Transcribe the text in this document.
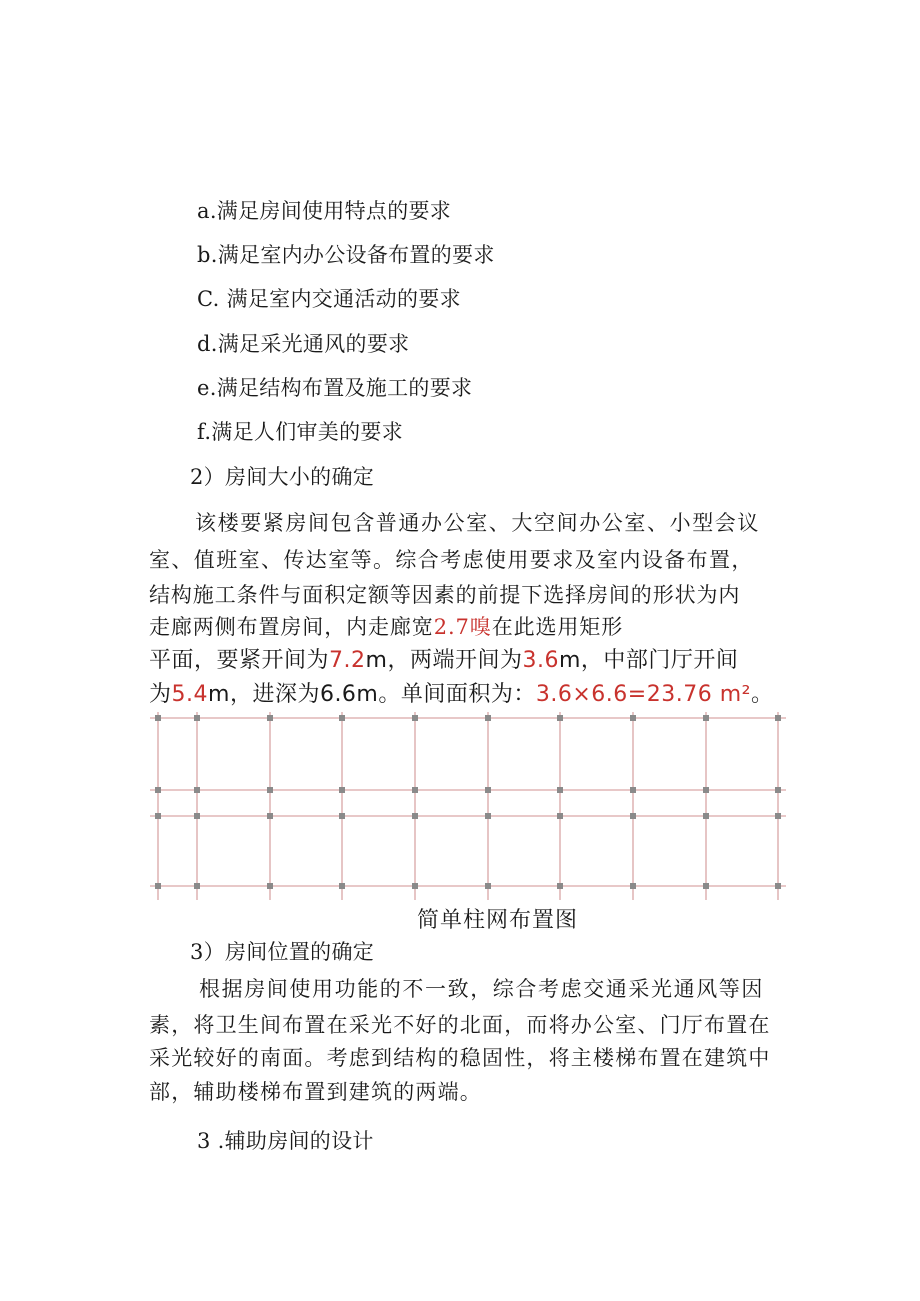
a.满足房间使用特点的要求
b.满足室内办公设备布置的要求
C. 满足室内交通活动的要求
d.满足采光通风的要求
e.满足结构布置及施工的要求
f.满足人们审美的要求
2）房间大小的确定
该楼要紧房间包含普通办公室、大空间办公室、小型会议
室、值班室、传达室等。综合考虑使用要求及室内设备布置，
结构施工条件与面积定额等因素的前提下选择房间的形状为内
走廊两侧布置房间，内走廊宽2.7嗅在此选用矩形
平面，要紧开间为7.2m，两端开间为3.6m，中部门厅开间
为5.4m，进深为6.6m。单间面积为：3.6×6.6=23.76 m²。
简单柱网布置图
3）房间位置的确定
根据房间使用功能的不一致，综合考虑交通采光通风等因
素，将卫生间布置在采光不好的北面，而将办公室、门厅布置在
采光较好的南面。考虑到结构的稳固性，将主楼梯布置在建筑中
部，辅助楼梯布置到建筑的两端。
3 .辅助房间的设计
